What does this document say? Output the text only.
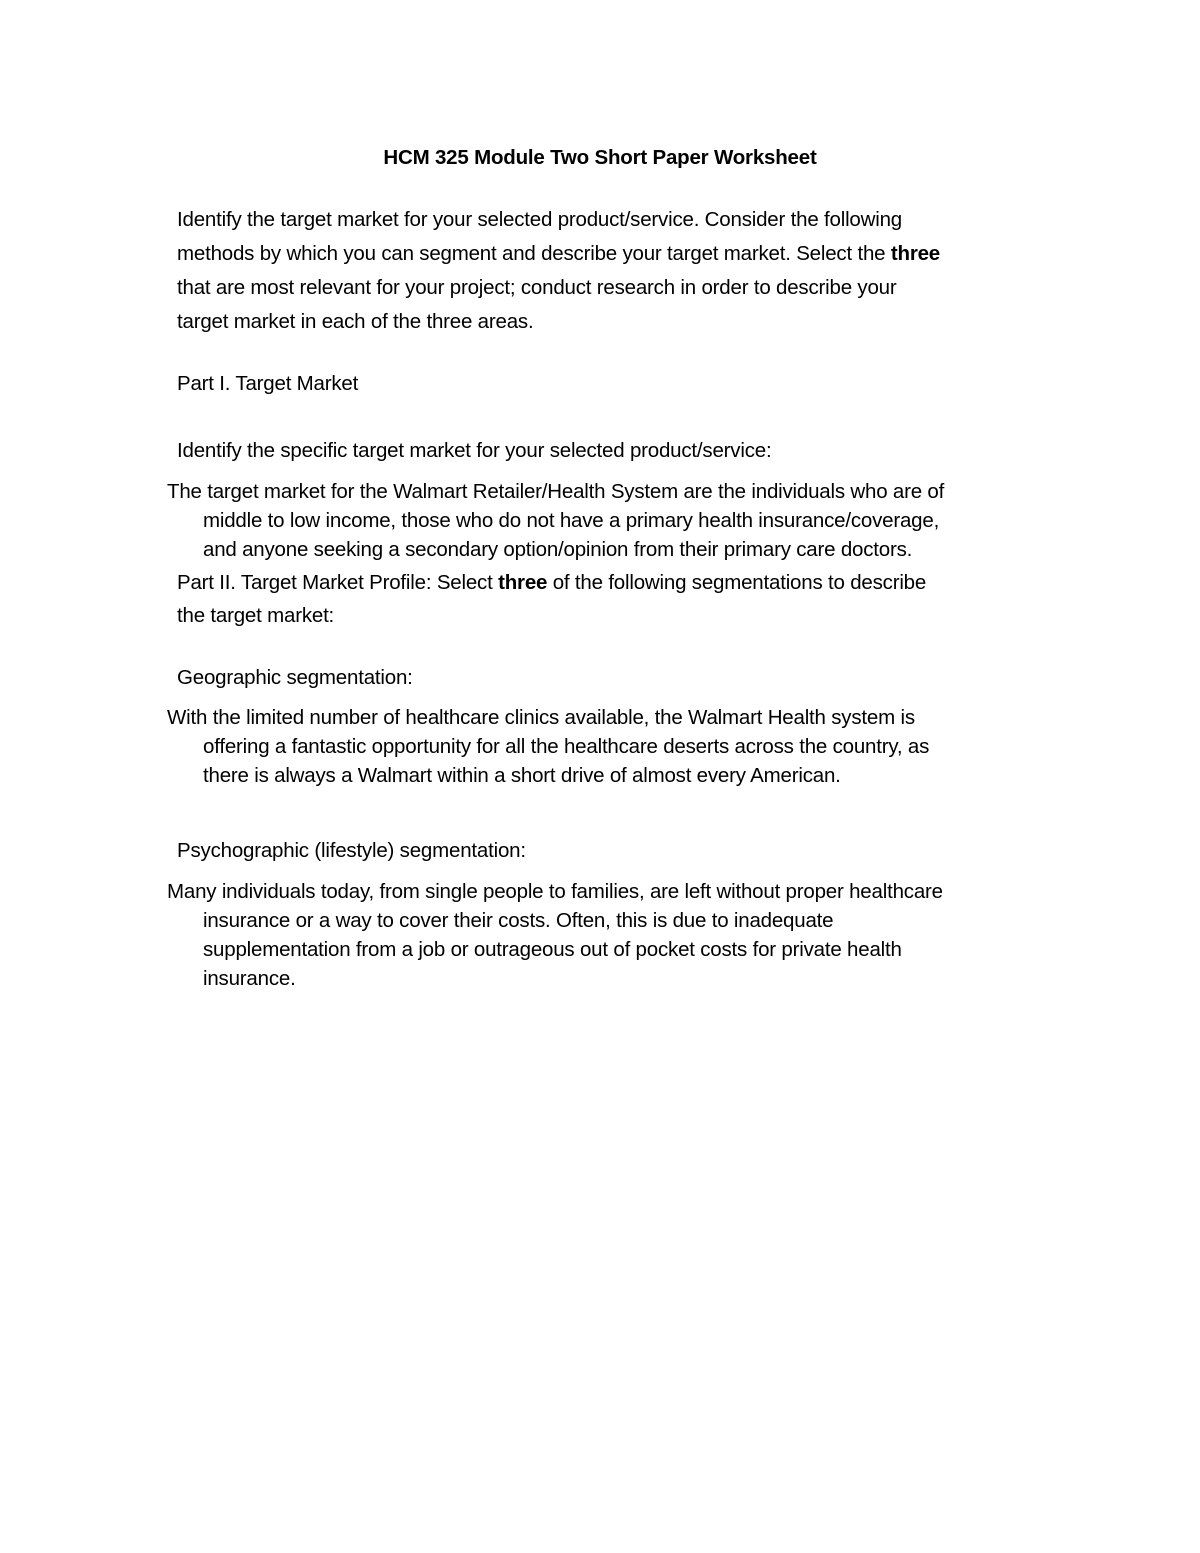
HCM 325 Module Two Short Paper Worksheet
Identify the target market for your selected product/service. Consider the following
methods by which you can segment and describe your target market. Select the three
that are most relevant for your project; conduct research in order to describe your
target market in each of the three areas.
Part I. Target Market
Identify the specific target market for your selected product/service:
The target market for the Walmart Retailer/Health System are the individuals who are of
middle to low income, those who do not have a primary health insurance/coverage,
and anyone seeking a secondary option/opinion from their primary care doctors.
Part II. Target Market Profile: Select three of the following segmentations to describe
the target market:
Geographic segmentation:
With the limited number of healthcare clinics available, the Walmart Health system is
offering a fantastic opportunity for all the healthcare deserts across the country, as
there is always a Walmart within a short drive of almost every American.
Psychographic (lifestyle) segmentation:
Many individuals today, from single people to families, are left without proper healthcare
insurance or a way to cover their costs. Often, this is due to inadequate
supplementation from a job or outrageous out of pocket costs for private health
insurance.
